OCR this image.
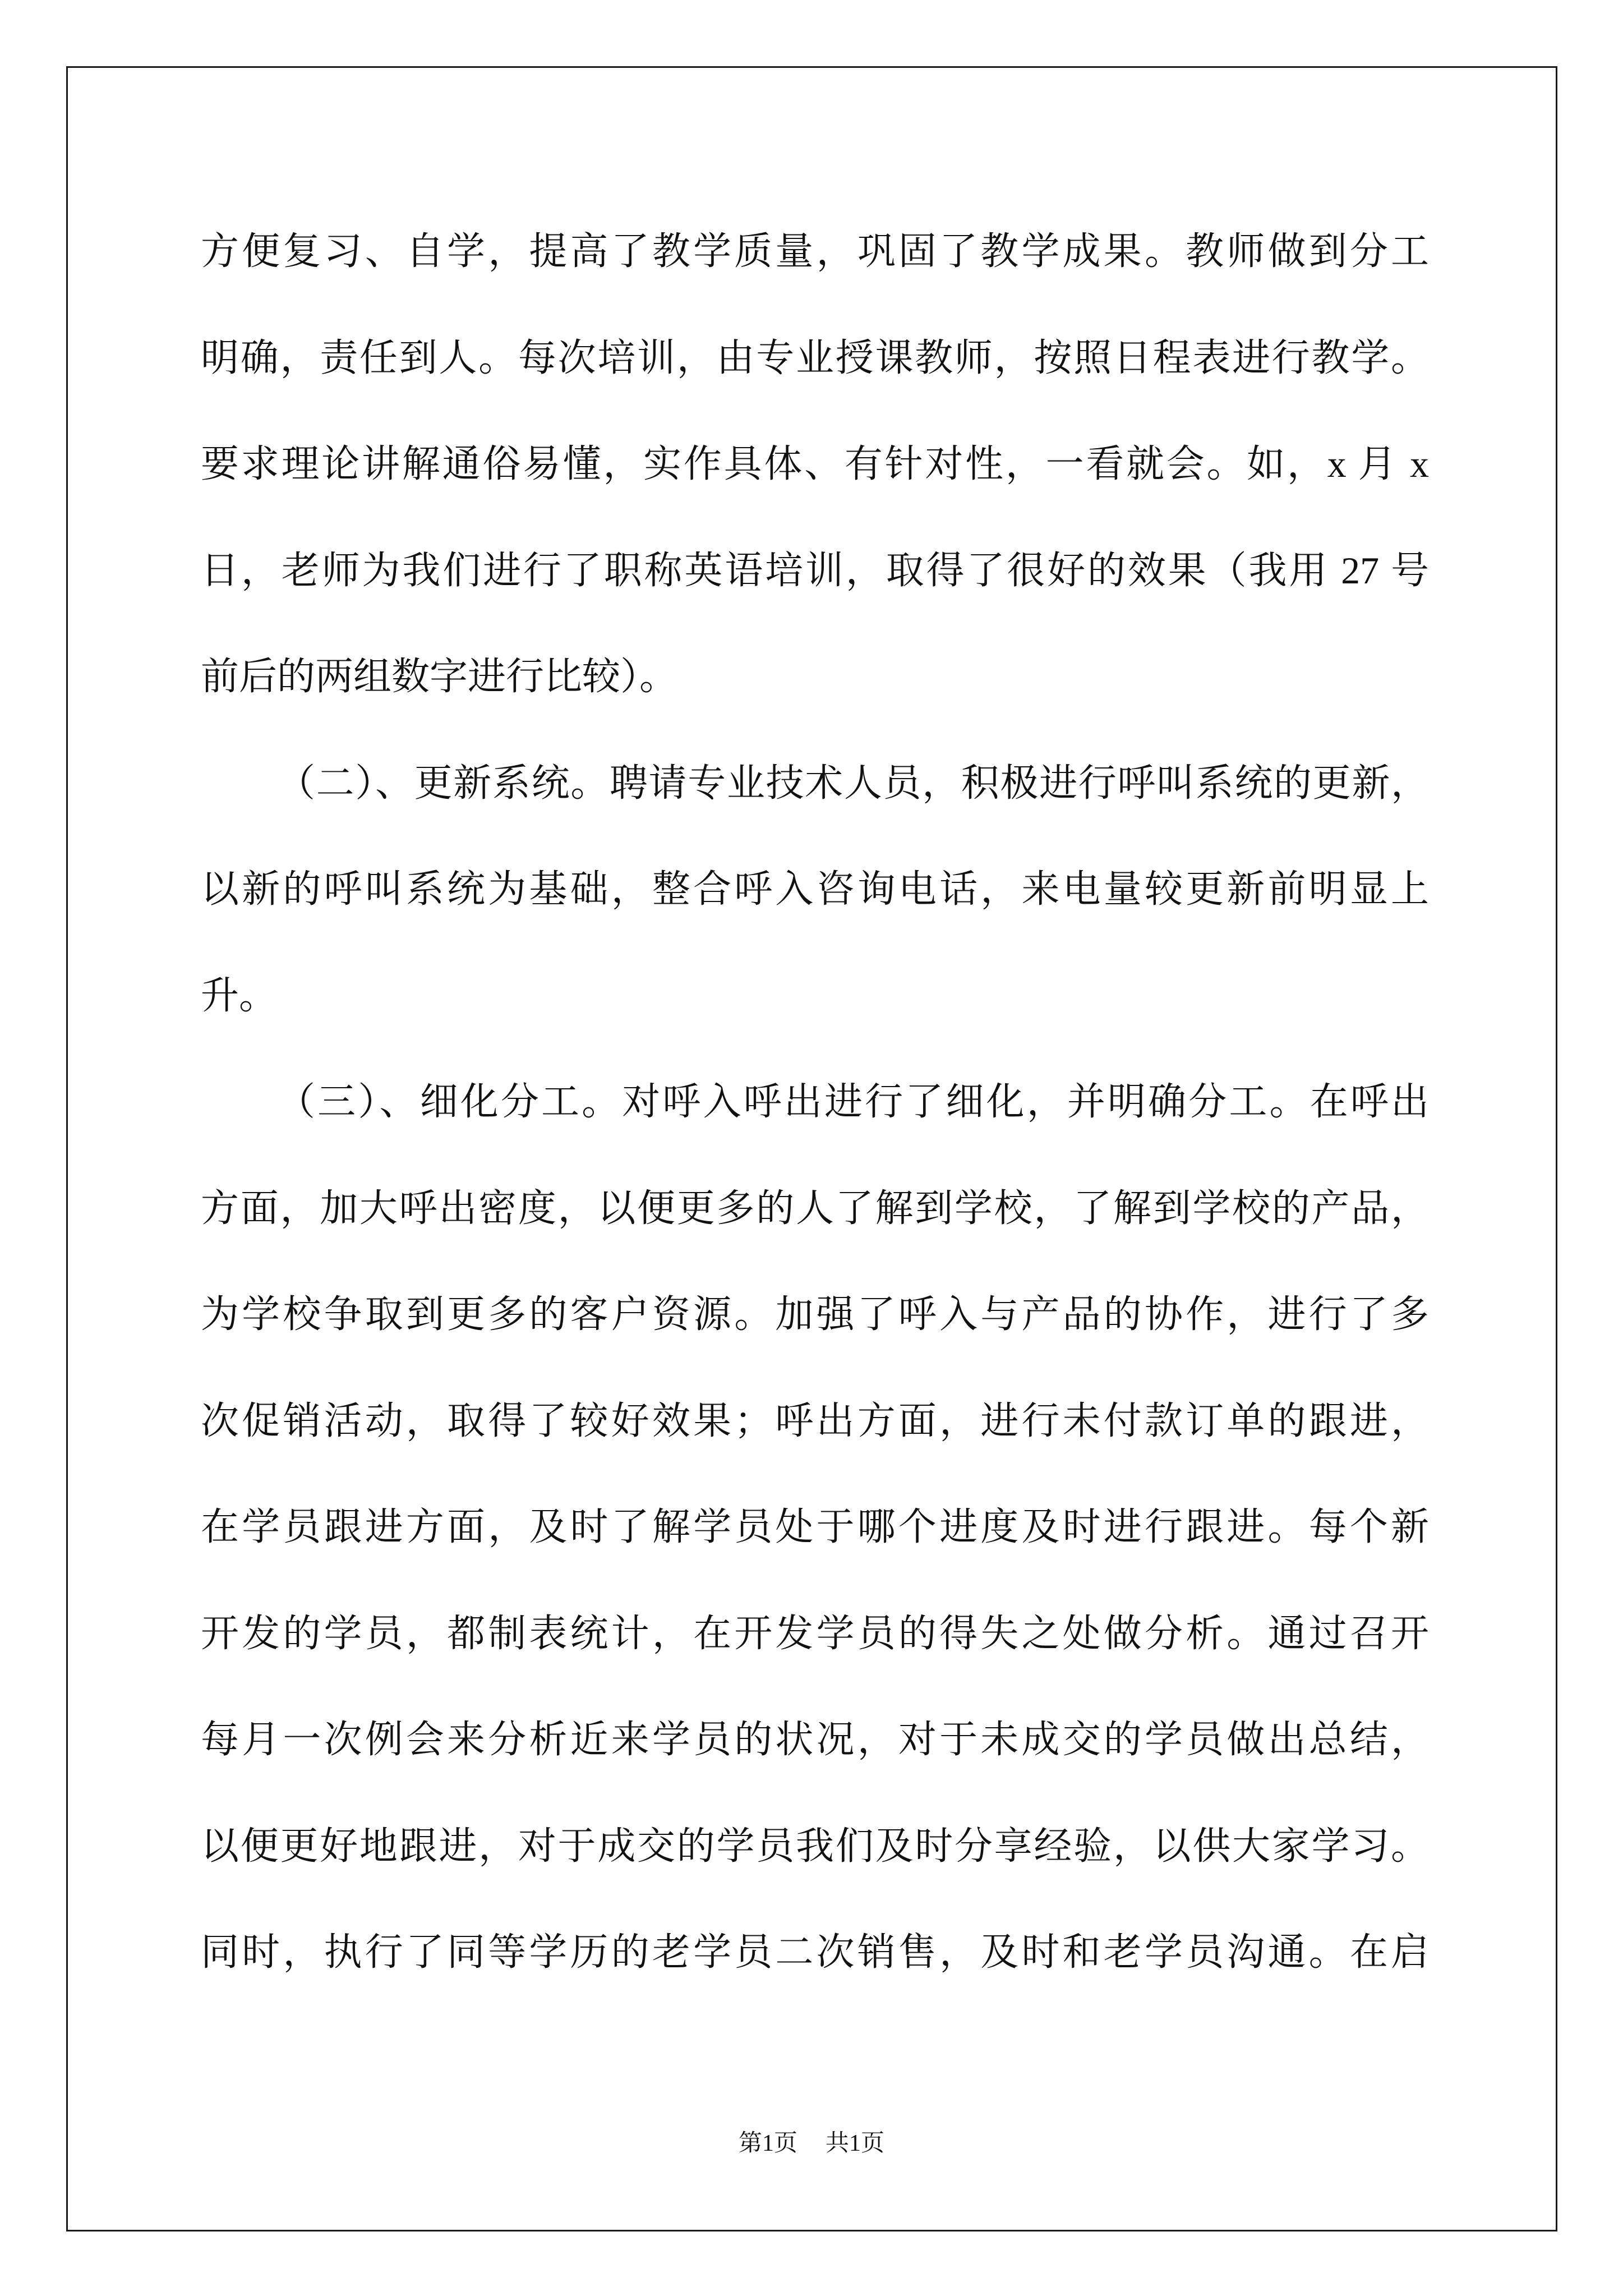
方便复习、自学，提高了教学质量，巩固了教学成果。教师做到分工
明确，责任到人。每次培训，由专业授课教师，按照日程表进行教学。
要求理论讲解通俗易懂，实作具体、有针对性，一看就会。如，x 月 x
日，老师为我们进行了职称英语培训，取得了很好的效果（我用 27 号
前后的两组数字进行比较）。
（二）、更新系统。聘请专业技术人员，积极进行呼叫系统的更新，
以新的呼叫系统为基础，整合呼入咨询电话，来电量较更新前明显上
升。
（三）、细化分工。对呼入呼出进行了细化，并明确分工。在呼出
方面，加大呼出密度，以便更多的人了解到学校，了解到学校的产品，
为学校争取到更多的客户资源。加强了呼入与产品的协作，进行了多
次促销活动，取得了较好效果；呼出方面，进行未付款订单的跟进，
在学员跟进方面，及时了解学员处于哪个进度及时进行跟进。每个新
开发的学员，都制表统计，在开发学员的得失之处做分析。通过召开
每月一次例会来分析近来学员的状况，对于未成交的学员做出总结，
以便更好地跟进，对于成交的学员我们及时分享经验，以供大家学习。
同时，执行了同等学历的老学员二次销售，及时和老学员沟通。在启
第1页 共1页
